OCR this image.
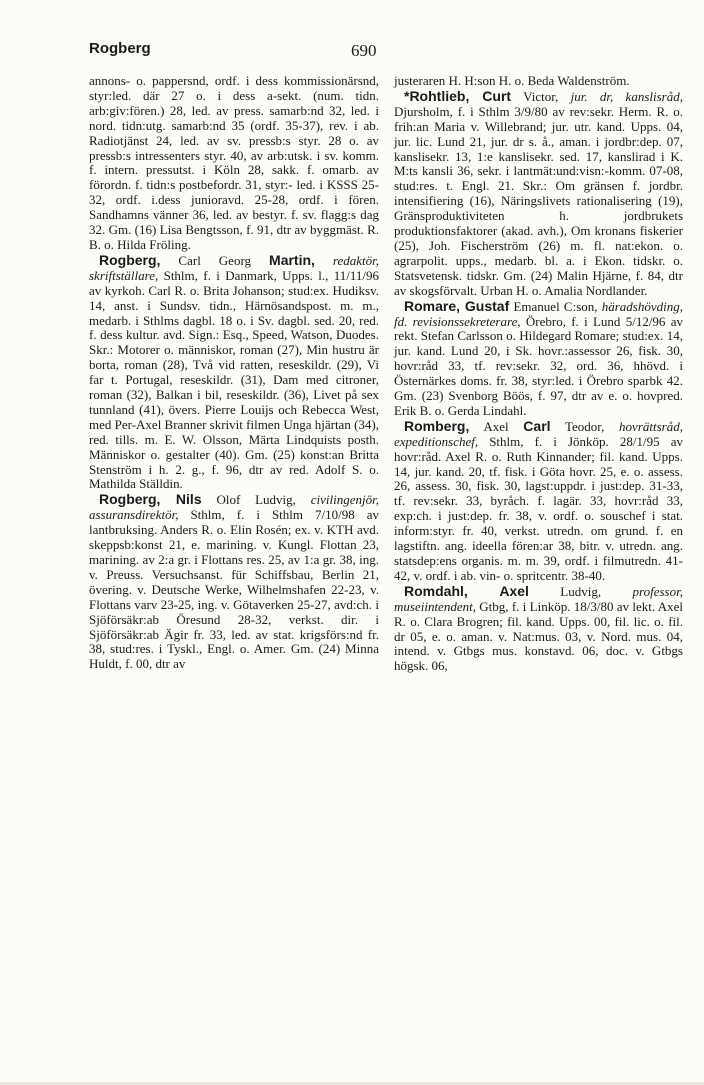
Rogberg	690

annons- o. pappersnd, ordf. i dess kommissionärsnd, styr:led. där 27 o. i dess a-sekt. (num. tidn. arb:giv:fören.) 28, led. av press. samarb:nd 32, led. i nord. tidn:utg. samarb:nd 35 (ordf. 35-37), rev. i ab. Radiotjänst 24, led. av sv. pressb:s styr. 28 o. av pressb:s intressenters styr. 40, av arb:utsk. i sv. komm. f. intern. pressutst. i Köln 28, sakk. f. omarb. av förordn. f. tidn:s postbefordr. 31, styr:- led. i KSSS 25-32, ordf. i.dess junioravd. 25-28, ordf. i fören. Sandhamns vänner 36, led. av bestyr. f. sv. flagg:s dag 32. Gm. (16) Lisa Bengtsson, f. 91, dtr av byggmäst. R. B. o. Hilda Fröling.

Rogberg, Carl Georg Martin, redaktör, skriftställare, Sthlm, f. i Danmark, Upps. l., 11/11/96 av kyrkoh. Carl R. o. Brita Johanson; stud:ex. Hudiksv. 14, anst. i Sundsv. tidn., Härnösandspost. m. m., medarb. i Sthlms dagbl. 18 o. i Sv. dagbl. sed. 20, red. f. dess kultur. avd. Sign.: Esq., Speed, Watson, Duodes. Skr.: Motorer o. människor, roman (27), Min hustru är borta, roman (28), Två vid ratten, reseskildr. (29), Vi far t. Portugal, reseskildr. (31), Dam med citroner, roman (32), Balkan i bil, reseskildr. (36), Livet på sex tunnland (41), övers. Pierre Louijs och Rebecca West, med Per-Axel Branner skrivit filmen Unga hjärtan (34), red. tills. m. E. W. Olsson, Märta Lindquists posth. Människor o. gestalter (40). Gm. (25) konst:an Britta Stenström i h. 2. g., f. 96, dtr av red. Adolf S. o. Mathilda Ställdin.

Rogberg, Nils Olof Ludvig, civilingenjör, assuransdirektör, Sthlm, f. i Sthlm 7/10/98 av lantbruksing. Anders R. o. Elin Rosén; ex. v. KTH avd. skeppsb:konst 21, e. marining. v. Kungl. Flottan 23, marining. av 2:a gr. i Flottans res. 25, av 1:a gr. 38, ing. v. Preuss. Versuchsanst. für Schiffsbau, Berlin 21, övering. v. Deutsche Werke, Wilhelmshafen 22-23, v. Flottans varv 23-25, ing. v. Götaverken 25-27, avd:ch. i Sjöförsäkr:ab Öresund 28-32, verkst. dir. i Sjöförsäkr:ab Ägir fr. 33, led. av stat. krigsförs:nd fr. 38, stud:res. i Tyskl., Engl. o. Amer. Gm. (24) Minna Huldt, f. 00, dtr av

justeraren H. H:son H. o. Beda Waldenström.

*Rohtlieb, Curt Victor, jur. dr, kanslisråd, Djursholm, f. i Sthlm 3/9/80 av rev:sekr. Herm. R. o. frih:an Maria v. Willebrand; jur. utr. kand. Upps. 04, jur. lic. Lund 21, jur. dr s. å., aman. i jordbr:dep. 07, kanslisekr. 13, 1:e kanslisekr. sed. 17, kanslirad i K. M:ts kansli 36, sekr. i lantmät:und:visn:-komm. 07-08, stud:res. t. Engl. 21. Skr.: Om gränsen f. jordbr. intensifiering (16), Näringslivets rationalisering (19), Gränsproduktiviteten h. jordbrukets produktionsfaktorer (akad. avh.), Om kronans fiskerier (25), Joh. Fischerström (26) m. fl. nat:ekon. o. agrarpolit. upps., medarb. bl. a. i Ekon. tidskr. o. Statsvetensk. tidskr. Gm. (24) Malin Hjärne, f. 84, dtr av skogsförvalt. Urban H. o. Amalia Nordlander.

Romare, Gustaf Emanuel C:son, häradshövding, fd. revisionssekreterare, Örebro, f. i Lund 5/12/96 av rekt. Stefan Carlsson o. Hildegard Romare; stud:ex. 14, jur. kand. Lund 20, i Sk. hovr.:assessor 26, fisk. 30, hovr:råd 33, tf. rev:sekr. 32, ord. 36, hhövd. i Östernärkes doms. fr. 38, styr:led. i Örebro sparbk 42. Gm. (23) Svenborg Böös, f. 97, dtr av e. o. hovpred. Erik B. o. Gerda Lindahl.

Romberg, Axel Carl Teodor, hovrättsråd, expeditionschef, Sthlm, f. i Jönköp. 28/1/95 av hovr:råd. Axel R. o. Ruth Kinnander; fil. kand. Upps. 14, jur. kand. 20, tf. fisk. i Göta hovr. 25, e. o. assess. 26, assess. 30, fisk. 30, lagst:uppdr. i just:dep. 31-33, tf. rev:sekr. 33, byråch. f. lagär. 33, hovr:råd 33, exp:ch. i just:dep. fr. 38, v. ordf. o. souschef i stat. inform:styr. fr. 40, verkst. utredn. om grund. f. en lagstiftn. ang. ideella fören:ar 38, bitr. v. utredn. ang. statsdep:ens organis. m. m. 39, ordf. i filmutredn. 41-42, v. ordf. i ab. vin- o. spritcentr. 38-40.

Romdahl, Axel Ludvig, professor, museiintendent, Gtbg, f. i Linköp. 18/3/80 av lekt. Axel R. o. Clara Brogren; fil. kand. Upps. 00, fil. lic. o. fil. dr 05, e. o. aman. v. Nat:mus. 03, v. Nord. mus. 04, intend. v. Gtbgs mus. konstavd. 06, doc. v. Gtbgs högsk. 06,
